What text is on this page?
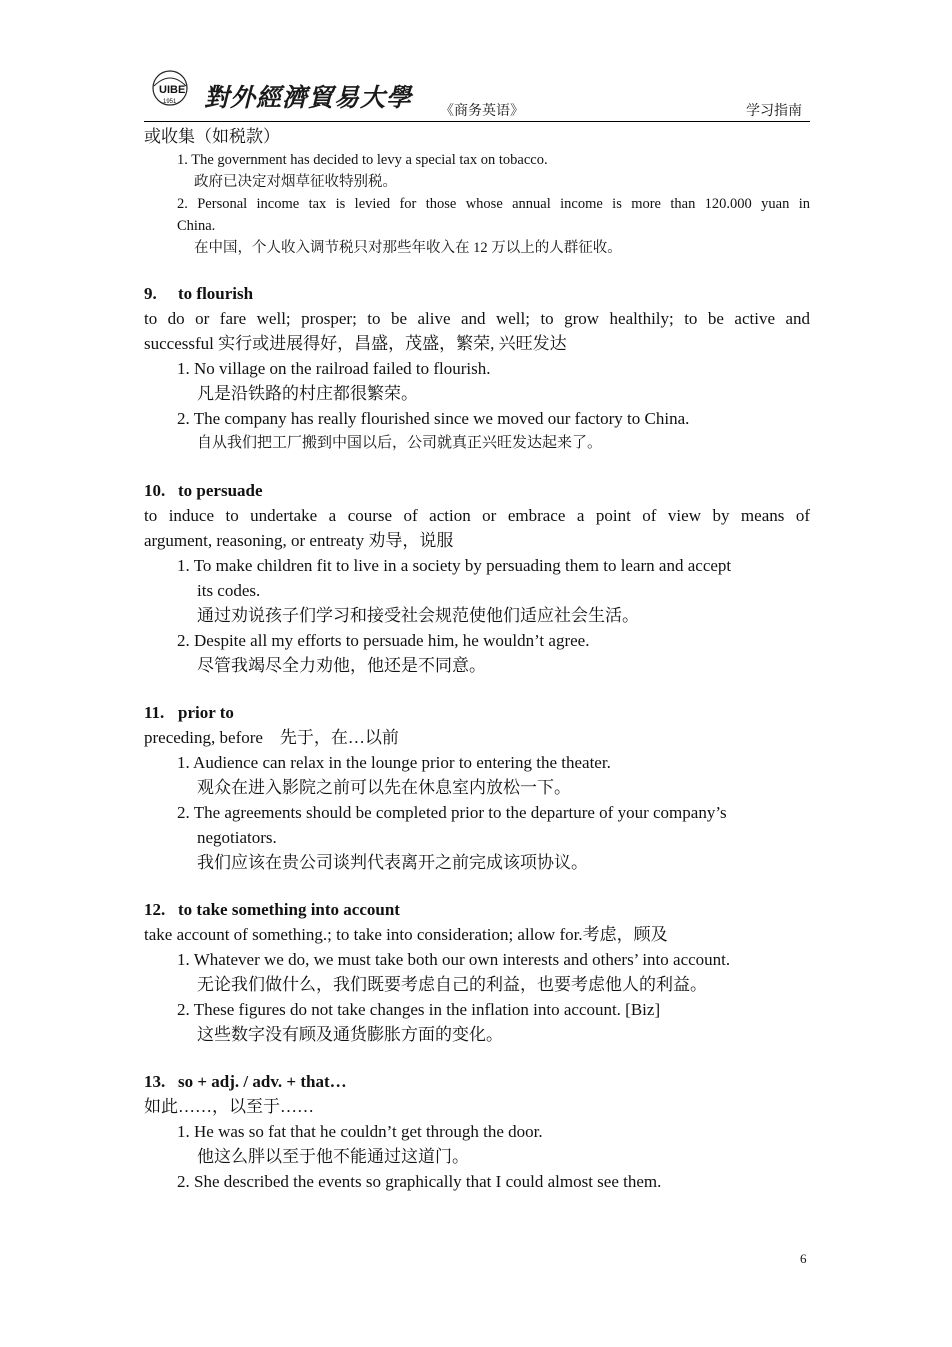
UIBE
1951 對外經濟貿易大學 《商务英语》	学习指南
或收集（如税款）
1. The government has decided to levy a special tax on tobacco.
政府已决定对烟草征收特别税。
2. Personal income tax is levied for those whose annual income is more than 120.000 yuan in
China.
在中国，个人收入调节税只对那些年收入在 12 万以上的人群征收。
9. to flourish
to do or fare well; prosper; to be alive and well; to grow healthily; to be active and
successful 实行或进展得好，昌盛，茂盛，繁荣, 兴旺发达
1. No village on the railroad failed to flourish.
凡是沿铁路的村庄都很繁荣。
2. The company has really flourished since we moved our factory to China.
自从我们把工厂搬到中国以后，公司就真正兴旺发达起来了。
10. to persuade
to induce to undertake a course of action or embrace a point of view by means of
argument, reasoning, or entreaty 劝导，说服
1. To make children fit to live in a society by persuading them to learn and accept
its codes.
通过劝说孩子们学习和接受社会规范使他们适应社会生活。
2. Despite all my efforts to persuade him, he wouldn’t agree.
尽管我竭尽全力劝他，他还是不同意。
11. prior to
preceding, before    先于，在…以前
1. Audience can relax in the lounge prior to entering the theater.
观众在进入影院之前可以先在休息室内放松一下。
2. The agreements should be completed prior to the departure of your company’s
negotiators.
我们应该在贵公司谈判代表离开之前完成该项协议。
12. to take something into account
take account of something.; to take into consideration; allow for.考虑，顾及
1. Whatever we do, we must take both our own interests and others’ into account.
无论我们做什么，我们既要考虑自己的利益，也要考虑他人的利益。
2. These figures do not take changes in the inflation into account. [Biz]
这些数字没有顾及通货膨胀方面的变化。
13. so + adj. / adv. + that…
如此……，以至于……
1. He was so fat that he couldn’t get through the door.
他这么胖以至于他不能通过这道门。
2. She described the events so graphically that I could almost see them.
6
